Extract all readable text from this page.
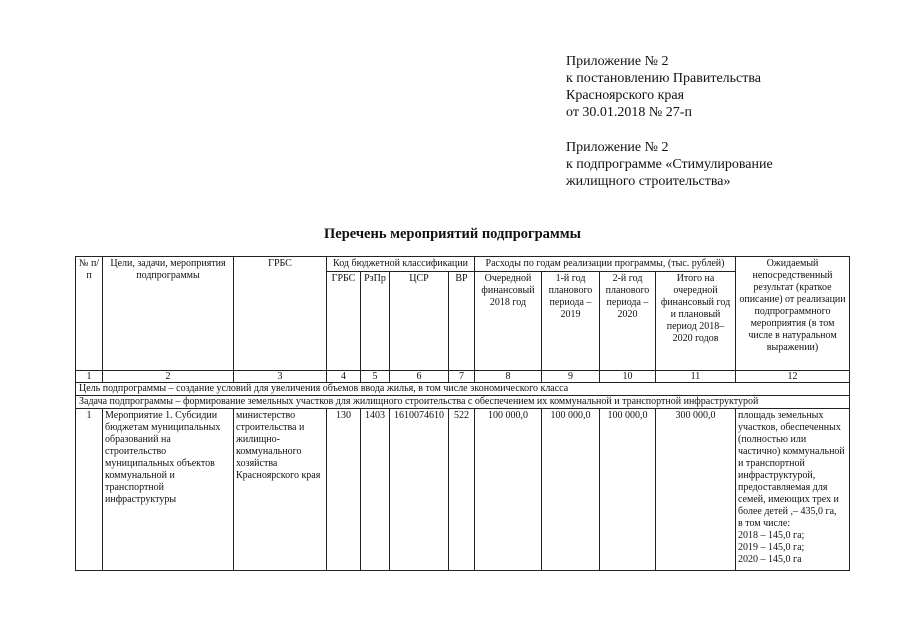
Приложение № 2
к постановлению Правительства
Красноярского края
от 30.01.2018 № 27-п
Приложение № 2
к подпрограмме «Стимулирование
жилищного строительства»
Перечень мероприятий подпрограммы
№ п/п	Цели, задачи, мероприятия подпрограммы	ГРБС	Код бюджетной классификации				Расходы по годам реализации программы, (тыс. рублей)				Ожидаемый непосредственный результат (краткое описание) от реализации подпрограммного мероприятия (в том числе в натуральном выражении)
			ГРБС	РзПр	ЦСР	ВР	Очередной финансовый 2018 год	1-й год планового периода – 2019	2-й год планового периода – 2020	Итого на очередной финансовый год и плановый период 2018–2020 годов	
1	2	3	4	5	6	7	8	9	10	11	12
Цель подпрограммы – создание условий для увеличения объемов ввода жилья, в том числе экономического класса											
Задача подпрограммы – формирование земельных участков для жилищного строительства с обеспечением их коммунальной и транспортной инфраструктурой											
1	Мероприятие 1. Субсидии бюджетам муниципальных образований на строительство муниципальных объектов коммунальной и транспортной инфраструктуры	министерство строительства и жилищно-коммунального хозяйства Красноярского края	130	1403	1610074610	522	100 000,0	100 000,0	100 000,0	300 000,0	площадь земельных участков, обеспеченных (полностью или частично) коммунальной и транспортной инфраструктурой, предоставляемая для семей, имеющих трех и более детей ,– 435,0 га,
в том числе:
2018 – 145,0 га;
2019 – 145,0 га;
2020 – 145,0 га
